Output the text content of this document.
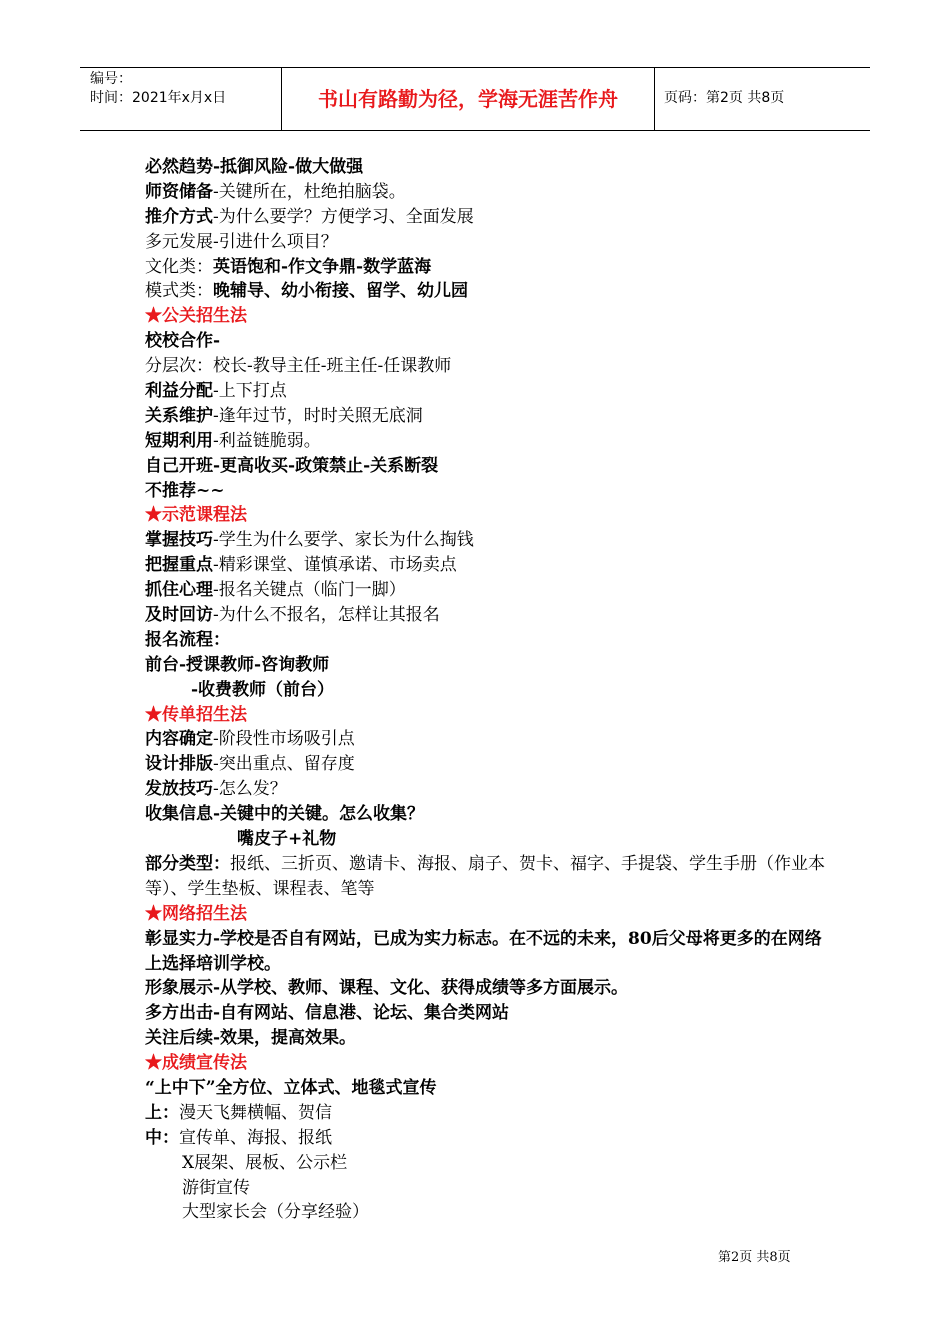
编号：
时间：2021年x月x日	书山有路勤为径，学海无涯苦作舟	页码：第2页 共8页
必然趋势-抵御风险-做大做强
师资储备-关键所在，杜绝拍脑袋。
推介方式-为什么要学？方便学习、全面发展
多元发展-引进什么项目？
文化类：英语饱和-作文争鼎-数学蓝海
模式类：晚辅导、幼小衔接、留学、幼儿园
★公关招生法
校校合作-
分层次：校长-教导主任-班主任-任课教师
利益分配-上下打点
关系维护-逢年过节，时时关照无底洞
短期利用-利益链脆弱。
自己开班-更高收买-政策禁止-关系断裂
不推荐~~
★示范课程法
掌握技巧-学生为什么要学、家长为什么掏钱
把握重点-精彩课堂、谨慎承诺、市场卖点
抓住心理-报名关键点（临门一脚）
及时回访-为什么不报名，怎样让其报名
报名流程：
前台-授课教师-咨询教师
-收费教师（前台）
★传单招生法
内容确定-阶段性市场吸引点
设计排版-突出重点、留存度
发放技巧-怎么发？
收集信息-关键中的关键。怎么收集？
嘴皮子+礼物
部分类型：报纸、三折页、邀请卡、海报、扇子、贺卡、福字、手提袋、学生手册（作业本等）、学生垫板、课程表、笔等
★网络招生法
彰显实力-学校是否自有网站，已成为实力标志。在不远的未来，80后父母将更多的在网络上选择培训学校。
形象展示-从学校、教师、课程、文化、获得成绩等多方面展示。
多方出击-自有网站、信息港、论坛、集合类网站
关注后续-效果，提高效果。
★成绩宣传法
“上中下”全方位、立体式、地毯式宣传
上：漫天飞舞横幅、贺信
中：宣传单、海报、报纸
X展架、展板、公示栏
游街宣传
大型家长会（分享经验）
第2页 共8页
